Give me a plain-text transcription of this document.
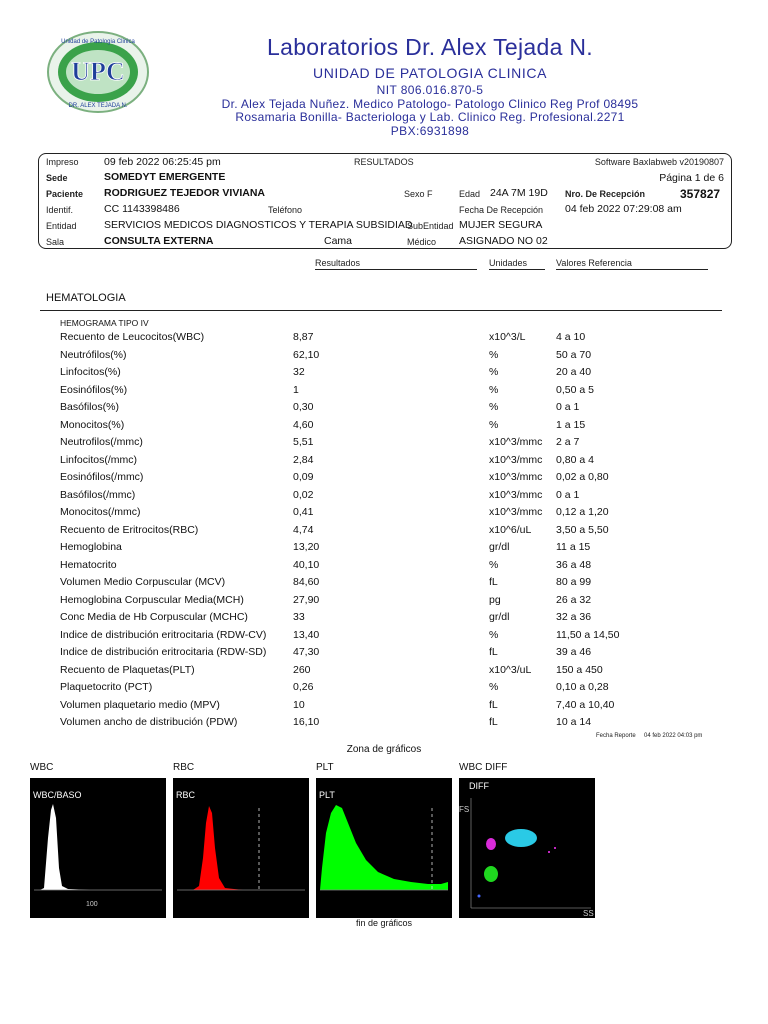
UPC
Unidad de Patologia Clinica
DR. ALEX TEJADA N.
Laboratorios Dr. Alex Tejada N.
UNIDAD DE PATOLOGIA CLINICA
NIT 806.016.870-5
Dr. Alex Tejada Nuñez. Medico Patologo- Patologo Clinico Reg Prof 08495
Rosamaria Bonilla- Bacteriologa y Lab. Clinico Reg. Profesional.2271
PBX:6931898
Impreso 09 feb 2022 06:25:45 pm	RESULTADOS	Software Baxlabweb v20190807
Sede	SOMEDYT EMERGENTE	Página 1 de 6
Paciente RODRIGUEZ TEJEDOR VIVIANA	Sexo F	Edad 24A 7M 19D Nro. De Recepción	357827
Identif.	CC 1143398486	Teléfono	Fecha De Recepción 04 feb 2022 07:29:08 am
Entidad	SERVICIOS MEDICOS DIAGNOSTICOS Y TERAPIA SUBSIDIAD
SubEntidad MUJER SEGURA
Sala	CONSULTA EXTERNA	Cama	Médico ASIGNADO NO 02
Resultados	Unidades	Valores Referencia
HEMATOLOGIA
HEMOGRAMA TIPO IV
Recuento de Leucocitos(WBC)	8,87	x10^3/L	4 a 10
Neutrófilos(%)	62,10	%	50 a 70
Linfocitos(%)	32	%	20 a 40
Eosinófilos(%)	1	%	0,50 a 5
Basófilos(%)	0,30	%	0 a 1
Monocitos(%)	4,60	%	1 a 15
Neutrofilos(/mmc)	5,51	x10^3/mmc 2 a 7
Linfocitos(/mmc)	2,84	x10^3/mmc 0,80 a 4
Eosinófilos(/mmc)	0,09	x10^3/mmc 0,02 a 0,80
Basófilos(/mmc)	0,02	x10^3/mmc 0 a 1
Monocitos(/mmc)	0,41	x10^3/mmc 0,12 a 1,20
Recuento de Eritrocitos(RBC)	4,74	x10^6/uL 3,50 a 5,50
Hemoglobina	13,20	gr/dl	11 a 15
Hematocrito	40,10	%	36 a 48
Volumen Medio Corpuscular (MCV)	84,60	fL	80 a 99
Hemoglobina Corpuscular Media(MCH)	27,90	pg	26 a 32
Conc Media de Hb Corpuscular (MCHC)	33	gr/dl	32 a 36
Indice de distribución eritrocitaria (RDW-CV)	13,40	%	11,50 a 14,50
Indice de distribución eritrocitaria (RDW-SD)	47,30	fL	39 a 46
Recuento de Plaquetas(PLT)	260	x10^3/uL 150 a 450
Plaquetocrito (PCT)	0,26	%	0,10 a 0,28
Volumen plaquetario medio (MPV)	10	fL	7,40 a 10,40
Volumen ancho de distribución (PDW)	16,10	fL	10 a 14
Fecha Reporte 04 feb 2022 04:03 pm
Zona de gráficos
WBC	RBC	PLT	WBC DIFF
WBC/BASO
100
RBC	PLT
DIFF
FS
SS
fin de gráficos
